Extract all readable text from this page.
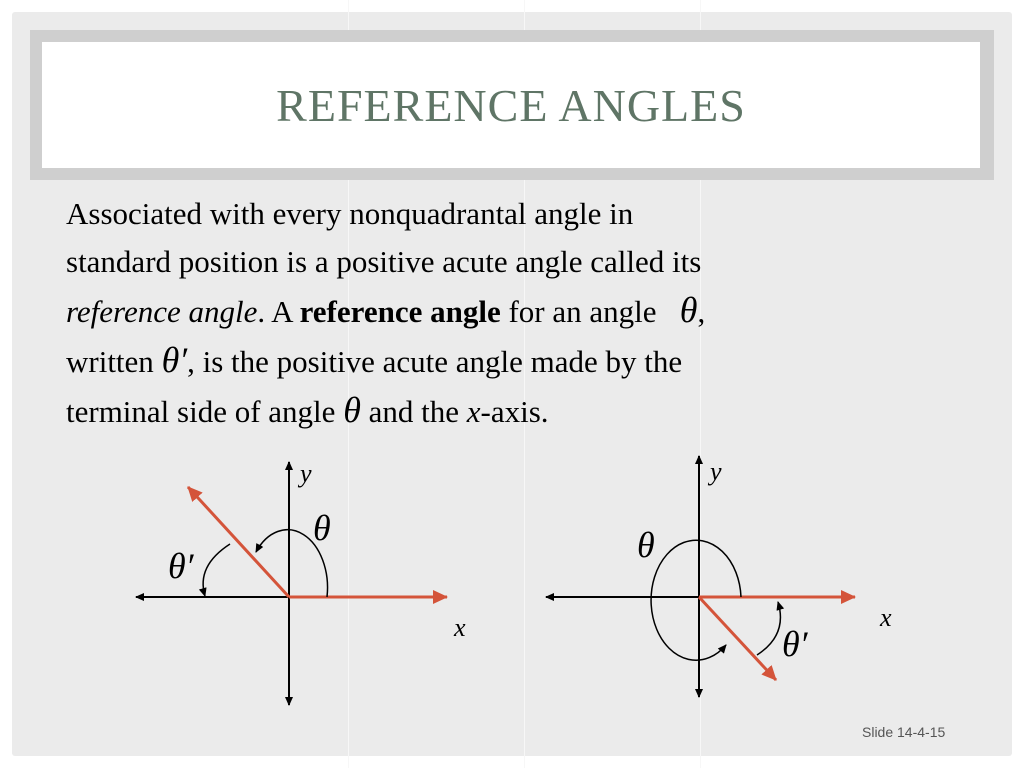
REFERENCE ANGLES
Associated with every nonquadrantal angle in
standard position is a positive acute angle called its
reference angle. A reference angle for an angle θ,
written θ′, is the positive acute angle made by the
terminal side of angle θ and the x-axis.
y
x
θ
θ′
y
x
θ
θ′
Slide 14-4-15
